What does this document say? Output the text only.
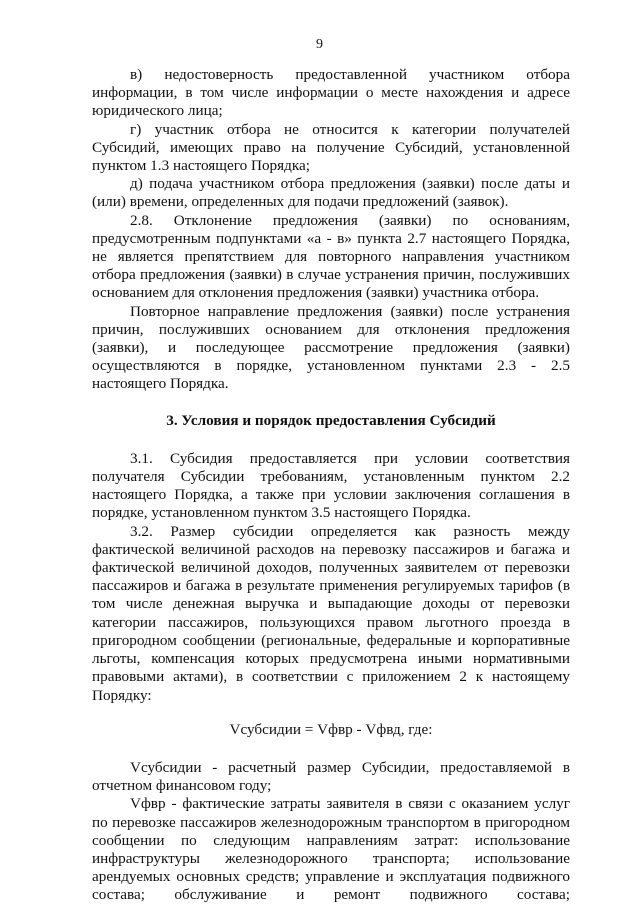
9

в) недостоверность предоставленной участником отбора информации, в том числе информации о месте нахождения и адресе юридического лица;

г) участник отбора не относится к категории получателей Субсидий, имеющих право на получение Субсидий, установленной пунктом 1.3 настоящего Порядка;

д) подача участником отбора предложения (заявки) после даты и (или) времени, определенных для подачи предложений (заявок).

2.8. Отклонение предложения (заявки) по основаниям, предусмотренным подпунктами «а - в» пункта 2.7 настоящего Порядка, не является препятствием для повторного направления участником отбора предложения (заявки) в случае устранения причин, послуживших основанием для отклонения предложения (заявки) участника отбора.

Повторное направление предложения (заявки) после устранения причин, послуживших основанием для отклонения предложения (заявки), и последующее рассмотрение предложения (заявки) осуществляются в порядке, установленном пунктами 2.3 - 2.5 настоящего Порядка.

3. Условия и порядок предоставления Субсидий

3.1. Субсидия предоставляется при условии соответствия получателя Субсидии требованиям, установленным пунктом 2.2 настоящего Порядка, а также при условии заключения соглашения в порядке, установленном пунктом 3.5 настоящего Порядка.

3.2. Размер субсидии определяется как разность между фактической величиной расходов на перевозку пассажиров и багажа и фактической величиной доходов, полученных заявителем от перевозки пассажиров и багажа в результате применения регулируемых тарифов (в том числе денежная выручка и выпадающие доходы от перевозки категории пассажиров, пользующихся правом льготного проезда в пригородном сообщении (региональные, федеральные и корпоративные льготы, компенсация которых предусмотрена иными нормативными правовыми актами), в соответствии с приложением 2 к настоящему Порядку:

Vсубсидии = Vфвр - Vфвд, где:

Vсубсидии - расчетный размер Субсидии, предоставляемой в отчетном финансовом году;

Vфвр - фактические затраты заявителя в связи с оказанием услуг по перевозке пассажиров железнодорожным транспортом в пригородном сообщении по следующим направлениям затрат: использование инфраструктуры железнодорожного транспорта; использование арендуемых основных средств; управление и эксплуатация подвижного состава; обслуживание и ремонт подвижного состава;
